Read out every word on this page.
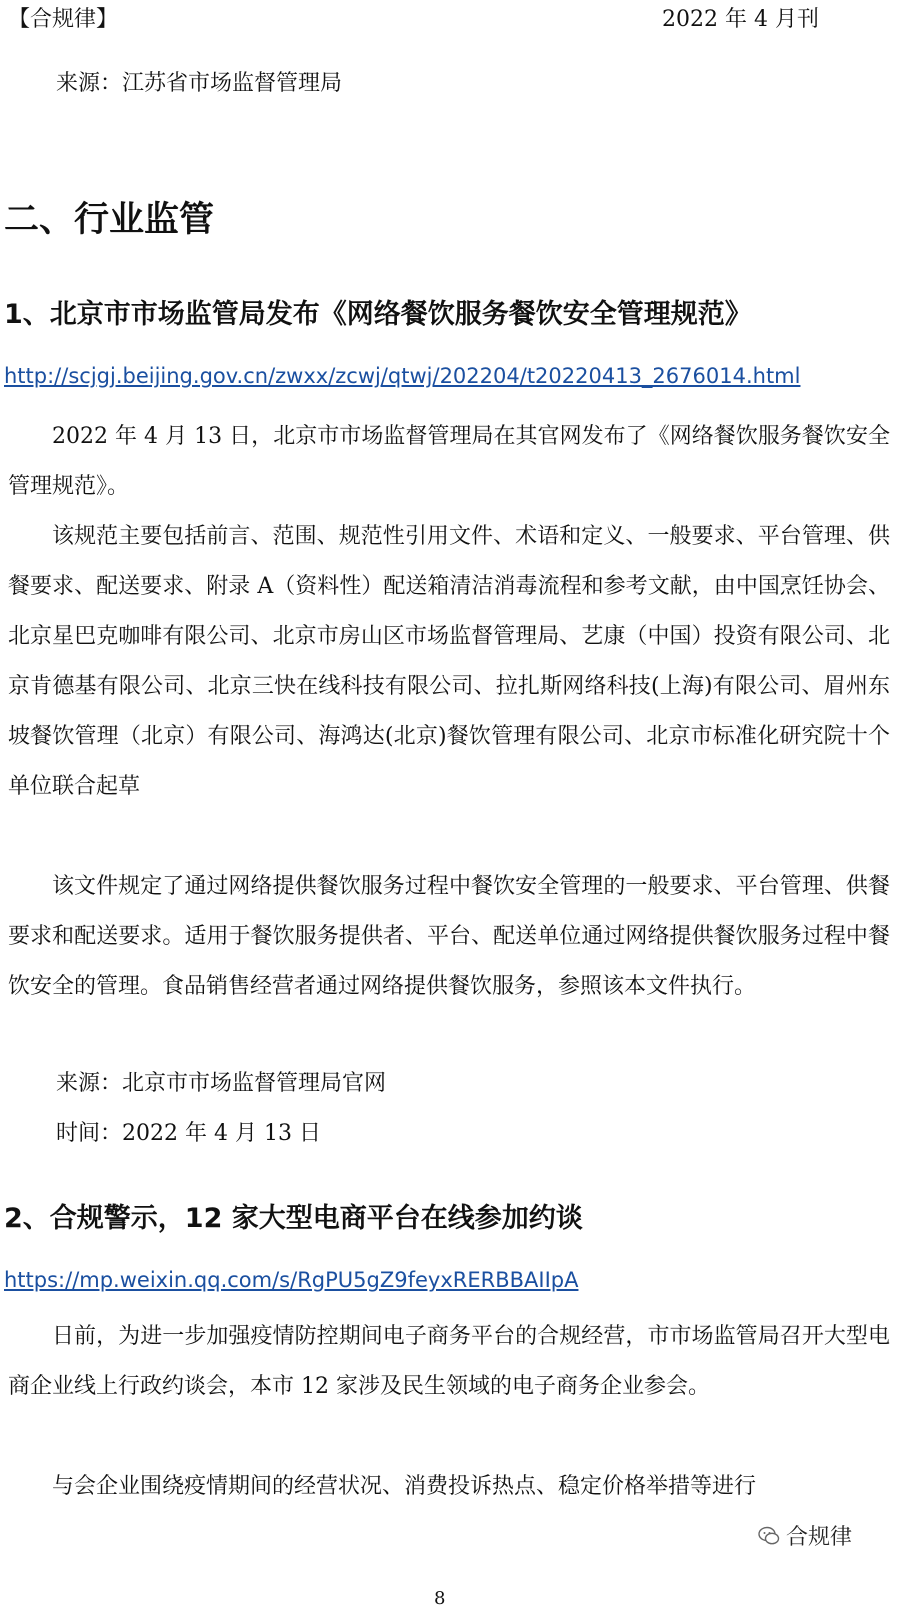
【合规律】	2022 年 4 月刊
来源：江苏省市场监督管理局
二、行业监管
1、北京市市场监管局发布《网络餐饮服务餐饮安全管理规范》
http://scjgj.beijing.gov.cn/zwxx/zcwj/qtwj/202204/t20220413_2676014.html

2022 年 4 月 13 日，北京市市场监督管理局在其官网发布了《网络餐饮服务餐饮安全管理规范》。

该规范主要包括前言、范围、规范性引用文件、术语和定义、一般要求、平台管理、供餐要求、配送要求、附录 A（资料性）配送箱清洁消毒流程和参考文献，由中国烹饪协会、北京星巴克咖啡有限公司、北京市房山区市场监督管理局、艺康（中国）投资有限公司、北京肯德基有限公司、北京三快在线科技有限公司、拉扎斯网络科技(上海)有限公司、眉州东坡餐饮管理（北京）有限公司、海鸿达(北京)餐饮管理有限公司、北京市标准化研究院十个单位联合起草

该文件规定了通过网络提供餐饮服务过程中餐饮安全管理的一般要求、平台管理、供餐要求和配送要求。适用于餐饮服务提供者、平台、配送单位通过网络提供餐饮服务过程中餐饮安全的管理。食品销售经营者通过网络提供餐饮服务，参照该本文件执行。

来源：北京市市场监督管理局官网
时间：2022 年 4 月 13 日
2、合规警示，12 家大型电商平台在线参加约谈
https://mp.weixin.qq.com/s/RgPU5gZ9feyxRERBBAIIpA

日前，为进一步加强疫情防控期间电子商务平台的合规经营，市市场监管局召开大型电商企业线上行政约谈会，本市 12 家涉及民生领域的电子商务企业参会。

与会企业围绕疫情期间的经营状况、消费投诉热点、稳定价格举措等进行

合规律
8
